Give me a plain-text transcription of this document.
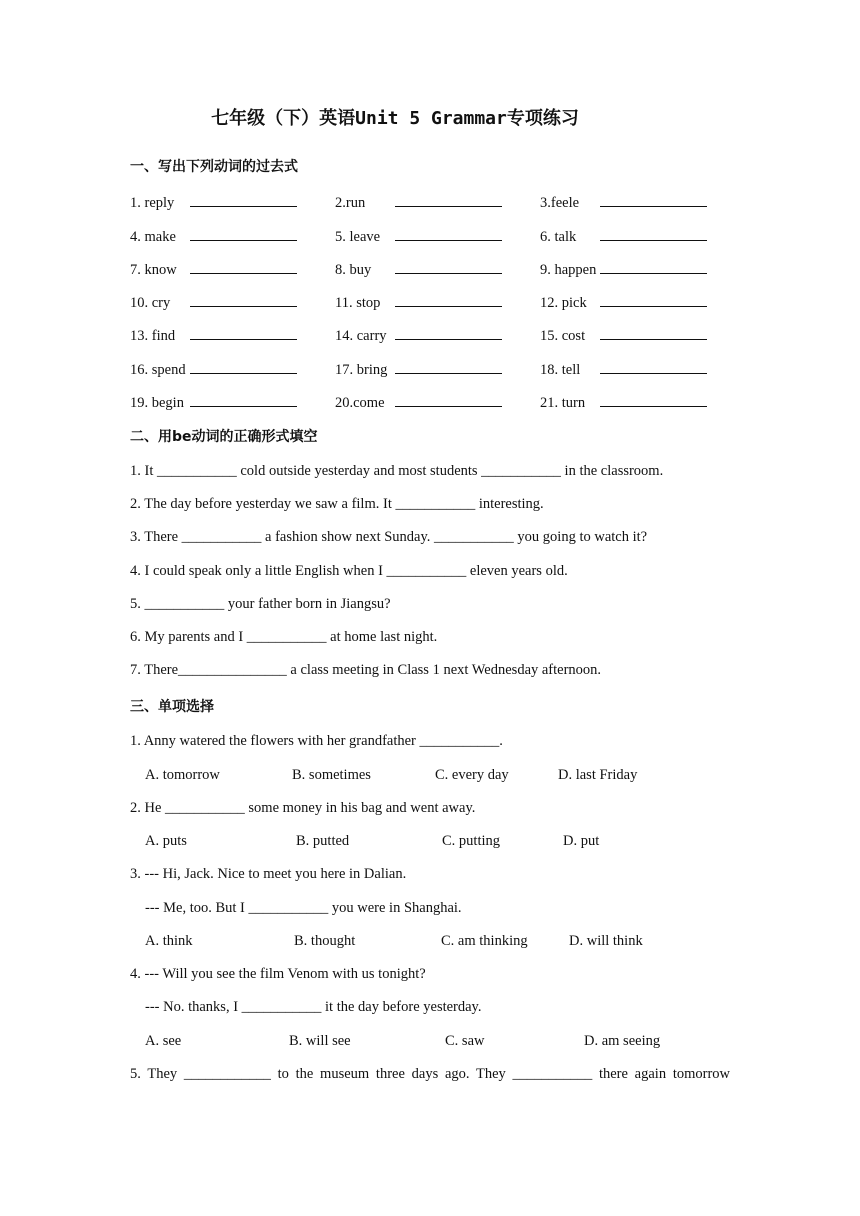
七年级（下）英语Unit 5 Grammar专项练习
一、写出下列动词的过去式
1. reply	2.run	3.feele
4. make	5. leave	6. talk
7. know	8. buy	9. happen
10. cry	11. stop	12. pick
13. find	14. carry	15. cost
16. spend	17. bring	18. tell
19. begin	20.come	21. turn
二、用be动词的正确形式填空
1. It ___________ cold outside yesterday and most students ___________ in the classroom.
2. The day before yesterday we saw a film. It ___________ interesting.
3. There ___________ a fashion show next Sunday. ___________ you going to watch it?
4. I could speak only a little English when I ___________ eleven years old.
5. ___________ your father born in Jiangsu?
6. My parents and I ___________ at home last night.
7. There_______________ a class meeting in Class 1 next Wednesday afternoon.
三、单项选择
1. Anny watered the flowers with her grandfather ___________.
A. tomorrow	B. sometimes	C. every day	D. last Friday
2. He ___________ some money in his bag and went away.
A. puts	B. putted	C. putting	D. put
3. --- Hi, Jack. Nice to meet you here in Dalian.
--- Me, too. But I ___________ you were in Shanghai.
A. think	B. thought	C. am thinking	D. will think
4. --- Will you see the film Venom with us tonight?
--- No. thanks, I ___________ it the day before yesterday.
A. see	B. will see	C. saw	D. am seeing
5. They ____________ to the museum three days ago. They ___________ there again tomorrow
